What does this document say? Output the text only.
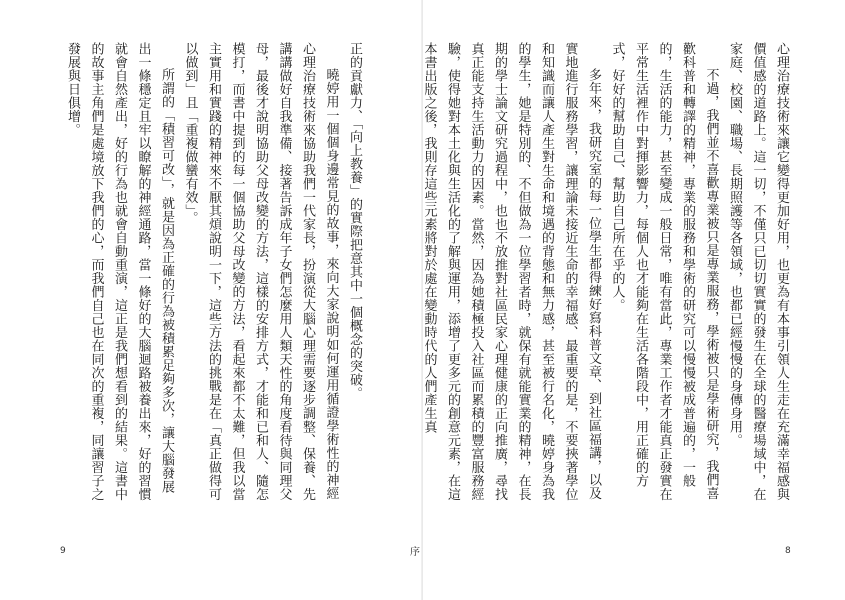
正的貢獻力、「向上教養」的實際把意其中一個概念的突破。

曉婷用一個個身邊常見的故事，來向大家說明如何運用循證學術性的神經心理治療技術來協助我們一代家長，扮演從大腦心理需要逐步調整、保養、先講講做好自我準備、接著告訴成年子女們怎麼用人類天性的角度看待與同理父母，最後才說明協助父母改變的方法，這樣的安排方式，才能和已和人、隨怎模打，而書中提到的每一個協助父母改變的方法，看起來都不太難，但我以當主實用和實踐的精神來不厭其煩說明一下，這些方法的挑戰是在「真正做得可以做到」且「重複做蠻有效」。

所謂的「積習可改」，就是因為正確的行為被積累足夠多次，讓大腦發展出一條穩定且牢以瞭解的神經通路，當一條好的大腦迴路被養出來，好的習慣就會自然產出，好的行為也就會自動重演，這正是我們想看到的結果。這書中的故事主角們是處境放下我們的心，而我們自己也在同次的重複，同讓習子之發展與日俱增。

9	序

心理治療技術來讓它變得更加好用，也更為有本事引領人生走在充滿幸福感與價值感的道路上。這一切，不僅只已切切實實的發生在全球的醫療場域中，在家庭、校園、職場、長期照護等各領域，也都已經慢慢的身傳身用。

不過，我們並不喜歡專業被只是專業服務，學術被只是學術研究，我們喜歡科普和轉譯的精神，專業的服務和學術的研究可以慢慢被成普遍的，一般的，生活的能力，甚至變成一般日常，唯有當此，專業工作者才能真正發實在平常生活裡作中對揮影響力，每個人也才能夠在生活各階段中，用正確的方式，好好的幫助自己、幫助自己所在乎的人。

多年來，我研究室的每一位學生都得練好寫科普文章、到社區福講，以及實地進行服務學習，讓理論未接近生命的幸福感、最重要的是，不要挾著學位和知識而讓人產生對生命和境遇的背態和無力感，甚至被行名化，曉婷身為我的學生，她是特別的、不但做為一位學習者時，就保有就能實業的精神，在長期的學士論文研究過程中，也也不放推對社區民家心理健康的正向推廣，尋找真正能支持生活動力的因素。當然，因為她積極投入社區而累積的豐富服務經驗，使得她對本土化與生活化的了解與運用，添增了更多元的創意元素，在這本書出版之後，我則存這些元素將對於處在變動時代的人們產生真

8
